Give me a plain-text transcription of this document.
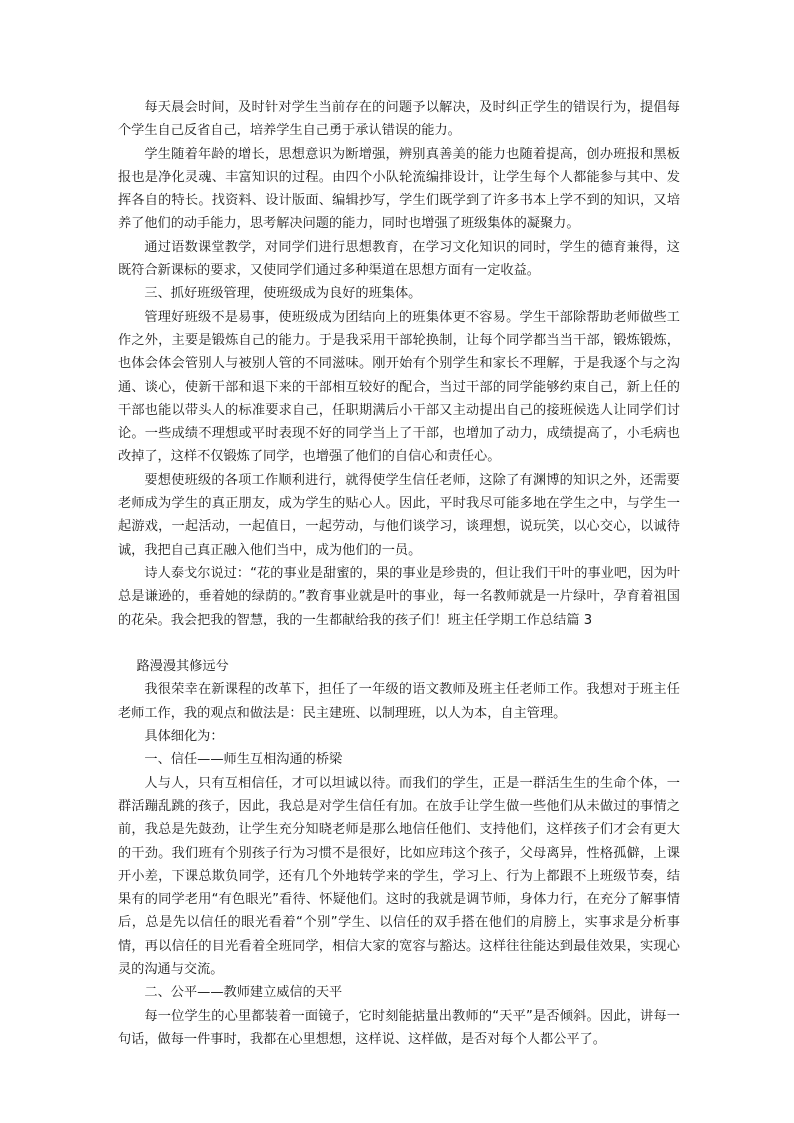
每天晨会时间，及时针对学生当前存在的问题予以解决，及时纠正学生的错误行为，提倡每个学生自己反省自己，培养学生自己勇于承认错误的能力。

学生随着年龄的增长，思想意识为断增强，辨别真善美的能力也随着提高，创办班报和黑板报也是净化灵魂、丰富知识的过程。由四个小队轮流编排设计，让学生每个人都能参与其中、发挥各自的特长。找资料、设计版面、编辑抄写，学生们既学到了许多书本上学不到的知识，又培养了他们的动手能力，思考解决问题的能力，同时也增强了班级集体的凝聚力。

通过语数课堂教学，对同学们进行思想教育，在学习文化知识的同时，学生的德育兼得，这既符合新课标的要求，又使同学们通过多种渠道在思想方面有一定收益。

三、抓好班级管理，使班级成为良好的班集体。

管理好班级不是易事，使班级成为团结向上的班集体更不容易。学生干部除帮助老师做些工作之外，主要是锻炼自己的能力。于是我采用干部轮换制，让每个同学都当当干部，锻炼锻炼，也体会体会管别人与被别人管的不同滋味。刚开始有个别学生和家长不理解，于是我逐个与之沟通、谈心，使新干部和退下来的干部相互较好的配合，当过干部的同学能够约束自己，新上任的干部也能以带头人的标准要求自己，任职期满后小干部又主动提出自己的接班候选人让同学们讨论。一些成绩不理想或平时表现不好的同学当上了干部，也增加了动力，成绩提高了，小毛病也改掉了，这样不仅锻炼了同学，也增强了他们的自信心和责任心。

要想使班级的各项工作顺利进行，就得使学生信任老师，这除了有渊博的知识之外，还需要老师成为学生的真正朋友，成为学生的贴心人。因此，平时我尽可能多地在学生之中，与学生一起游戏，一起活动，一起值日，一起劳动，与他们谈学习，谈理想，说玩笑，以心交心，以诚待诚，我把自己真正融入他们当中，成为他们的一员。

诗人泰戈尔说过：“花的事业是甜蜜的，果的事业是珍贵的，但让我们干叶的事业吧，因为叶总是谦逊的，垂着她的绿荫的。”教育事业就是叶的事业，每一名教师就是一片绿叶，孕育着祖国的花朵。我会把我的智慧，我的一生都献给我的孩子们！班主任学期工作总结篇 3

路漫漫其修远兮

我很荣幸在新课程的改革下，担任了一年级的语文教师及班主任老师工作。我想对于班主任老师工作，我的观点和做法是：民主建班、以制理班，以人为本，自主管理。

具体细化为：

一、信任——师生互相沟通的桥梁

人与人，只有互相信任，才可以坦诚以待。而我们的学生，正是一群活生生的生命个体，一群活蹦乱跳的孩子，因此，我总是对学生信任有加。在放手让学生做一些他们从未做过的事情之前，我总是先鼓劲，让学生充分知晓老师是那么地信任他们、支持他们，这样孩子们才会有更大的干劲。我们班有个别孩子行为习惯不是很好，比如应玮这个孩子，父母离异，性格孤僻，上课开小差，下课总欺负同学，还有几个外地转学来的学生，学习上、行为上都跟不上班级节奏，结果有的同学老用“有色眼光”看待、怀疑他们。这时的我就是调节师，身体力行，在充分了解事情后，总是先以信任的眼光看着“个别”学生、以信任的双手搭在他们的肩膀上，实事求是分析事情，再以信任的目光看着全班同学，相信大家的宽容与豁达。这样往往能达到最佳效果，实现心灵的沟通与交流。

二、公平——教师建立威信的天平

每一位学生的心里都装着一面镜子，它时刻能掂量出教师的“天平”是否倾斜。因此，讲每一句话，做每一件事时，我都在心里想想，这样说、这样做，是否对每个人都公平了。
